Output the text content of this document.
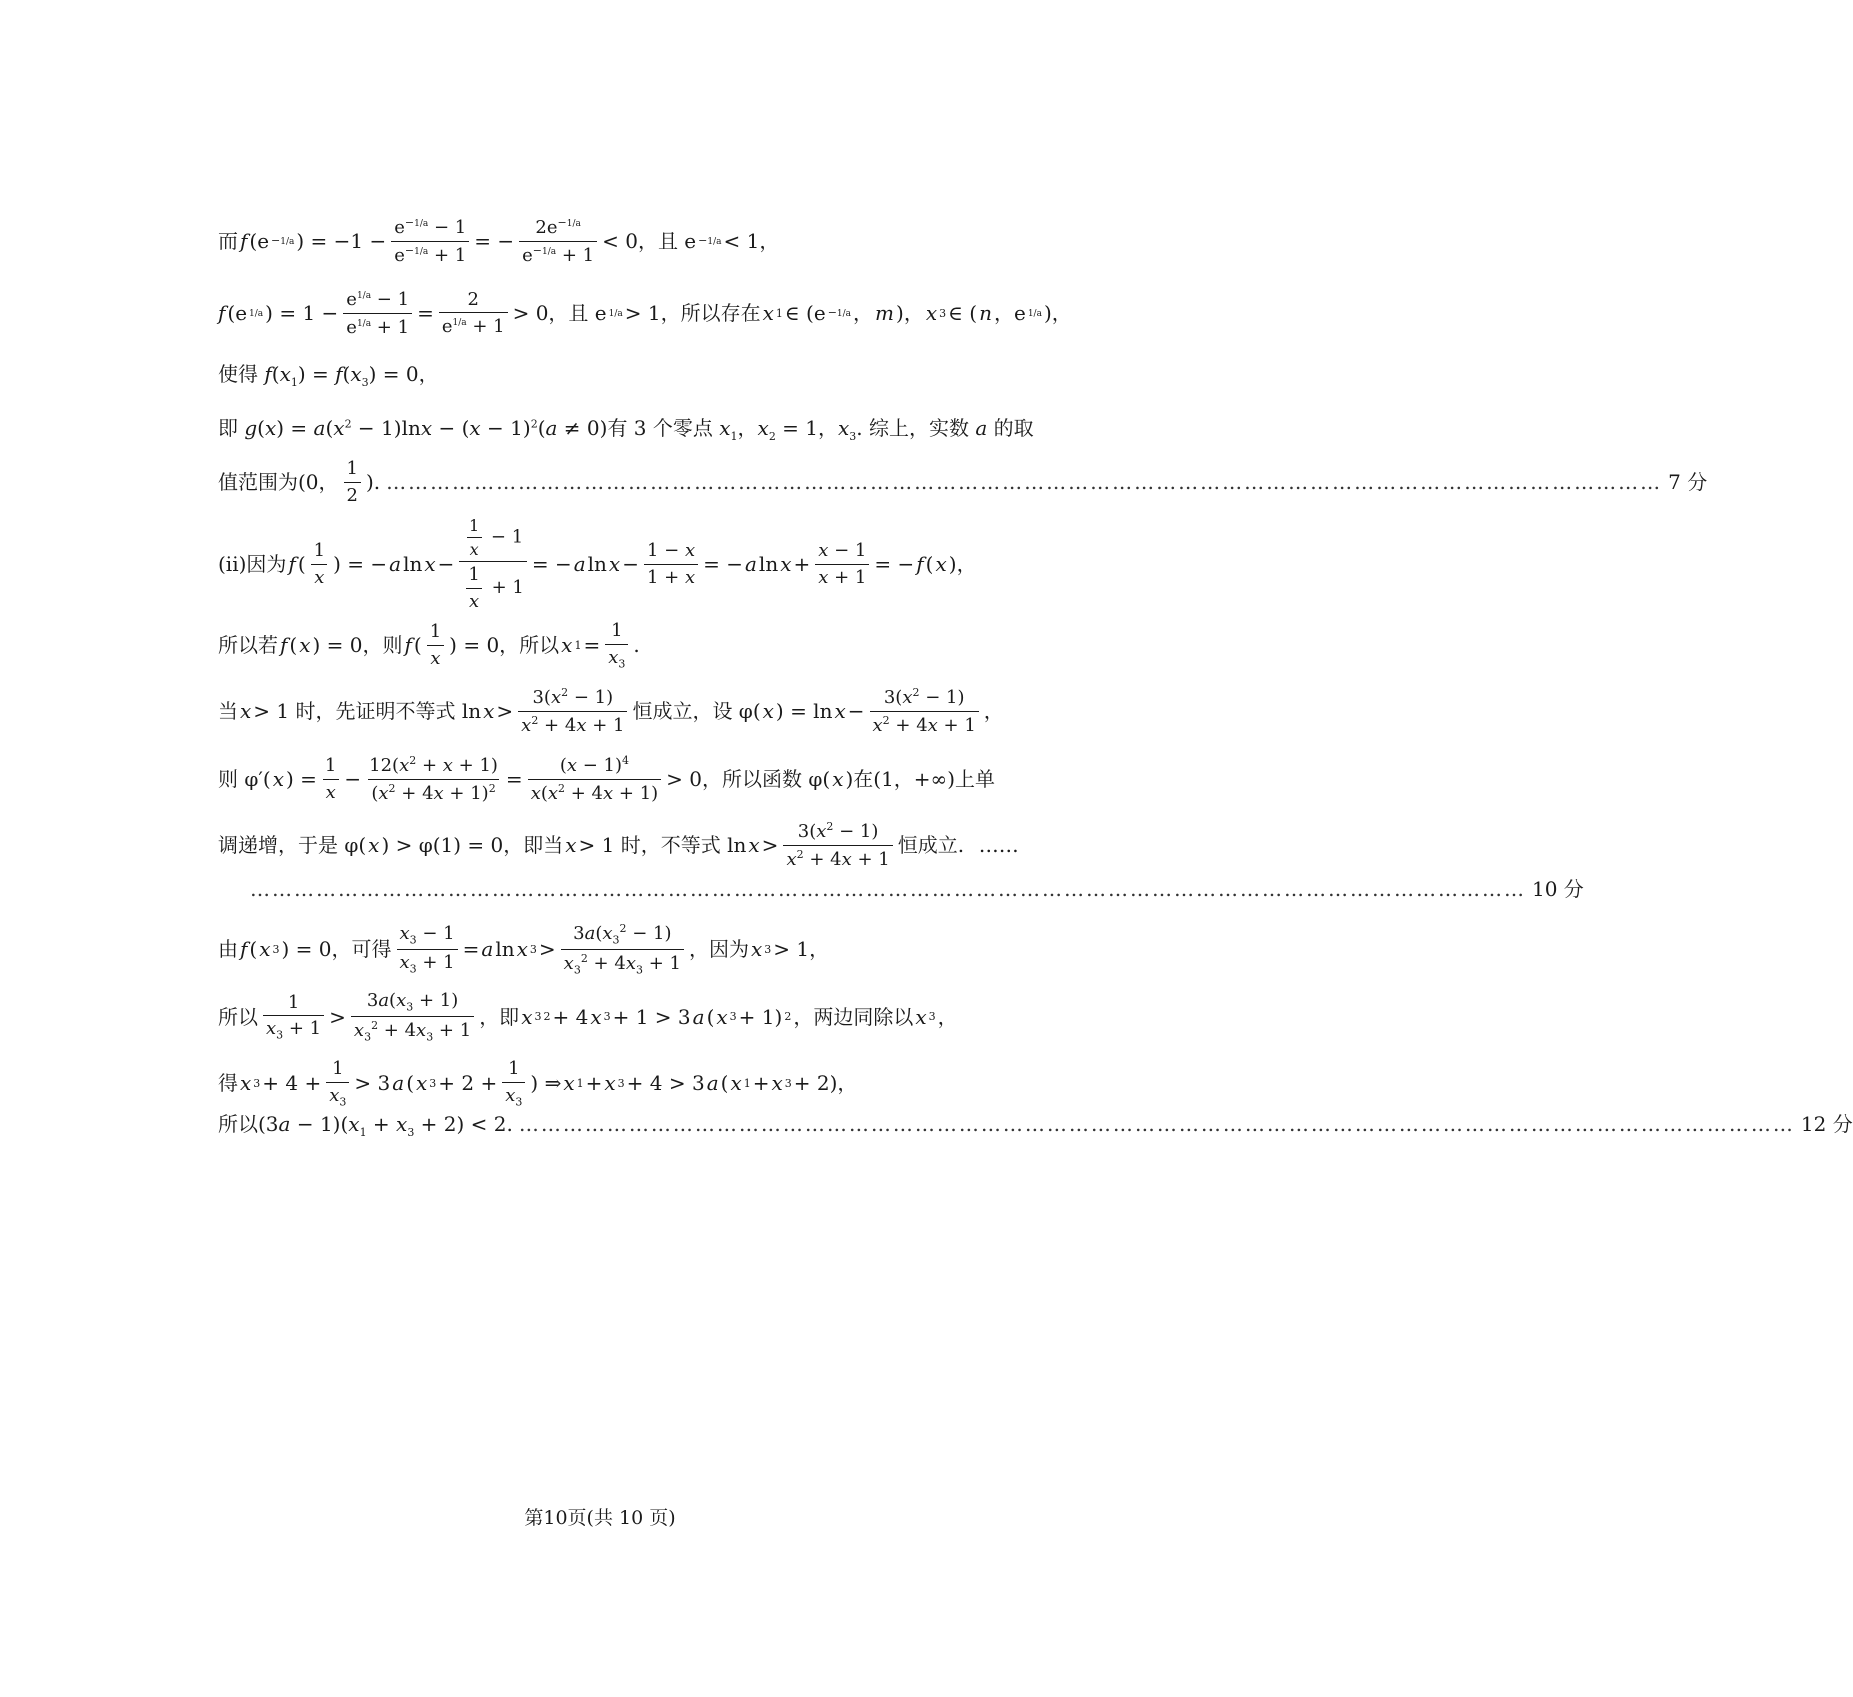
而 f (e −1/a ) = $-1 - \frac{e^{-1/a} - 1}{e^{-1/a} + 1}$ = − $\frac{2e^{-1/a}}{e^{-1/a} + 1} < 0$，且 e −1/a < 1，
f (e 1/a ) = $1 - \frac{e^{1/a} - 1}{e^{1/a} + 1} = \frac{2}{e^{1/a} + 1} > 0$，且 e 1/a > 1，所以存在 x 1 ∈ (e −1/a ， m )， x 3 ∈ ( n ，e 1/a )，
使得 $f(x_1) = f(x_3) = 0$，
即 $g(x) = a(x^2 - 1)\ln x - (x - 1)^2(a \ne 0)$有 3 个零点 $x_1$，$x_2 = 1$，$x_3$. 综上，实数 a 的取
值范围为(0， $\frac{1}{2}$ ). ………………………………………………………………………………………………………………………………………………………… 7 分
(ii)因为 f ( $\frac{1}{x}$ ) = − a $\ln x - \frac{\frac{1}{x} - 1}{\frac{1}{x} + 1}$ = − a $\ln x - \frac{1 - x}{1 + x}$ = − a $\ln x + \frac{x - 1}{x + 1}$ = − f ( x )，
所以若 f ( x ) = 0，则 f ( $\frac{1}{x}$ ) = 0，所以 x $1 = \frac{1}{x_3}$ .
当 x > 1 时，先证明不等式 $\ln x > \frac{3(x^2 - 1)}{x^2 + 4x + 1}$ 恒成立，设 φ( x ) = $\ln x - \frac{3(x^2 - 1)}{x^2 + 4x + 1}$ ，
则 φ′( x ) = $\frac{1}{x} - \frac{12(x^2 + x + 1)}{(x^2 + 4x + 1)^2} = \frac{(x - 1)^4}{x(x^2 + 4x + 1)} > 0$，所以函数 φ( x )在(1，+∞)上单
调递增，于是 φ( x ) > φ(1) = 0，即当 x > 1 时，不等式 $\ln x > \frac{3(x^2 - 1)}{x^2 + 4x + 1}$ 恒成立. ……
………………………………………………………………………………………………………………………………………………………… 10 分
由 f ( x 3 ) = 0，可得 $\frac{x_3 - 1}{x_3 + 1} = a$ ln x $3 > \frac{3a(x_3^2 - 1)}{x_3^2 + 4x_3 + 1}$ ，因为 x 3 > 1，
所以 $\frac{1}{x_3 + 1} > \frac{3a(x_3 + 1)}{x_3^2 + 4x_3 + 1}$ ，即 x 3 2 + 4 x 3 + 1 > 3 a ( x 3 + 1) 2 ，两边同除以 x 3 ，
得 x $3 + 4 + \frac{1}{x_3} > 3$ a ( x $3 + 2 + \frac{1}{x_3}$ ) ⇒ x 1 + x 3 + 4 > 3 a ( x 1 + x 3 + 2)，
所以$(3a - 1)(x_1 + x_3 + 2) < 2$. ………………………………………………………………………………………………………………………………………………………… 12 分
第10页(共 10 页)
